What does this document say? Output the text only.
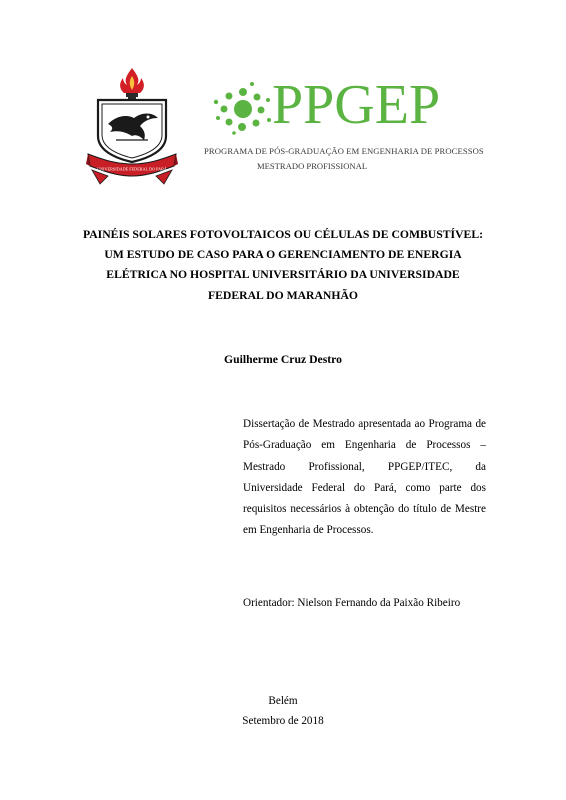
UNIVERSIDADE FEDERAL DO PARÁ
PPGEP
PROGRAMA DE PÓS-GRADUAÇÃO EM ENGENHARIA DE PROCESSOS
MESTRADO PROFISSIONAL
PAINÉIS SOLARES FOTOVOLTAICOS OU CÉLULAS DE COMBUSTÍVEL:
UM ESTUDO DE CASO PARA O GERENCIAMENTO DE ENERGIA
ELÉTRICA NO HOSPITAL UNIVERSITÁRIO DA UNIVERSIDADE
FEDERAL DO MARANHÃO
Guilherme Cruz Destro

Dissertação de Mestrado apresentada ao Programa de Pós-Graduação em Engenharia de Processos – Mestrado Profissional, PPGEP/ITEC, da Universidade Federal do Pará, como parte dos requisitos necessários à obtenção do título de Mestre em Engenharia de Processos.

Orientador: Nielson Fernando da Paixão Ribeiro
Belém
Setembro de 2018
